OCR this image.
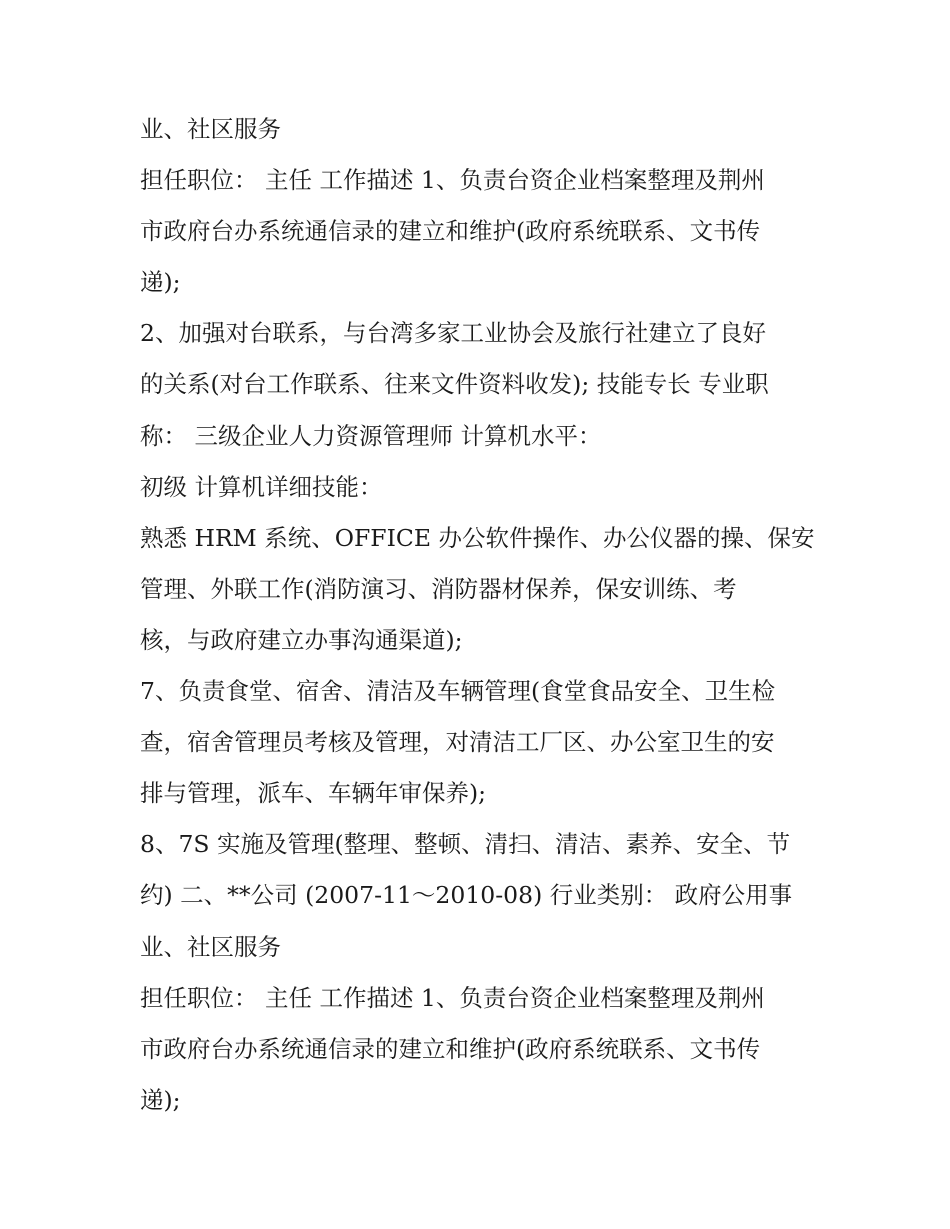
业、社区服务
担任职位： 主任 工作描述 1、负责台资企业档案整理及荆州
市政府台办系统通信录的建立和维护(政府系统联系、文书传
递);
2、加强对台联系，与台湾多家工业协会及旅行社建立了良好
的关系(对台工作联系、往来文件资料收发); 技能专长 专业职
称： 三级企业人力资源管理师 计算机水平：
初级 计算机详细技能：
熟悉 HRM 系统、OFFICE 办公软件操作、办公仪器的操、保安
管理、外联工作(消防演习、消防器材保养，保安训练、考
核，与政府建立办事沟通渠道);
7、负责食堂、宿舍、清洁及车辆管理(食堂食品安全、卫生检
查，宿舍管理员考核及管理，对清洁工厂区、办公室卫生的安
排与管理，派车、车辆年审保养);
8、7S 实施及管理(整理、整顿、清扫、清洁、素养、安全、节
约) 二、**公司 (2007-11～2010-08) 行业类别： 政府公用事
业、社区服务
担任职位： 主任 工作描述 1、负责台资企业档案整理及荆州
市政府台办系统通信录的建立和维护(政府系统联系、文书传
递);
